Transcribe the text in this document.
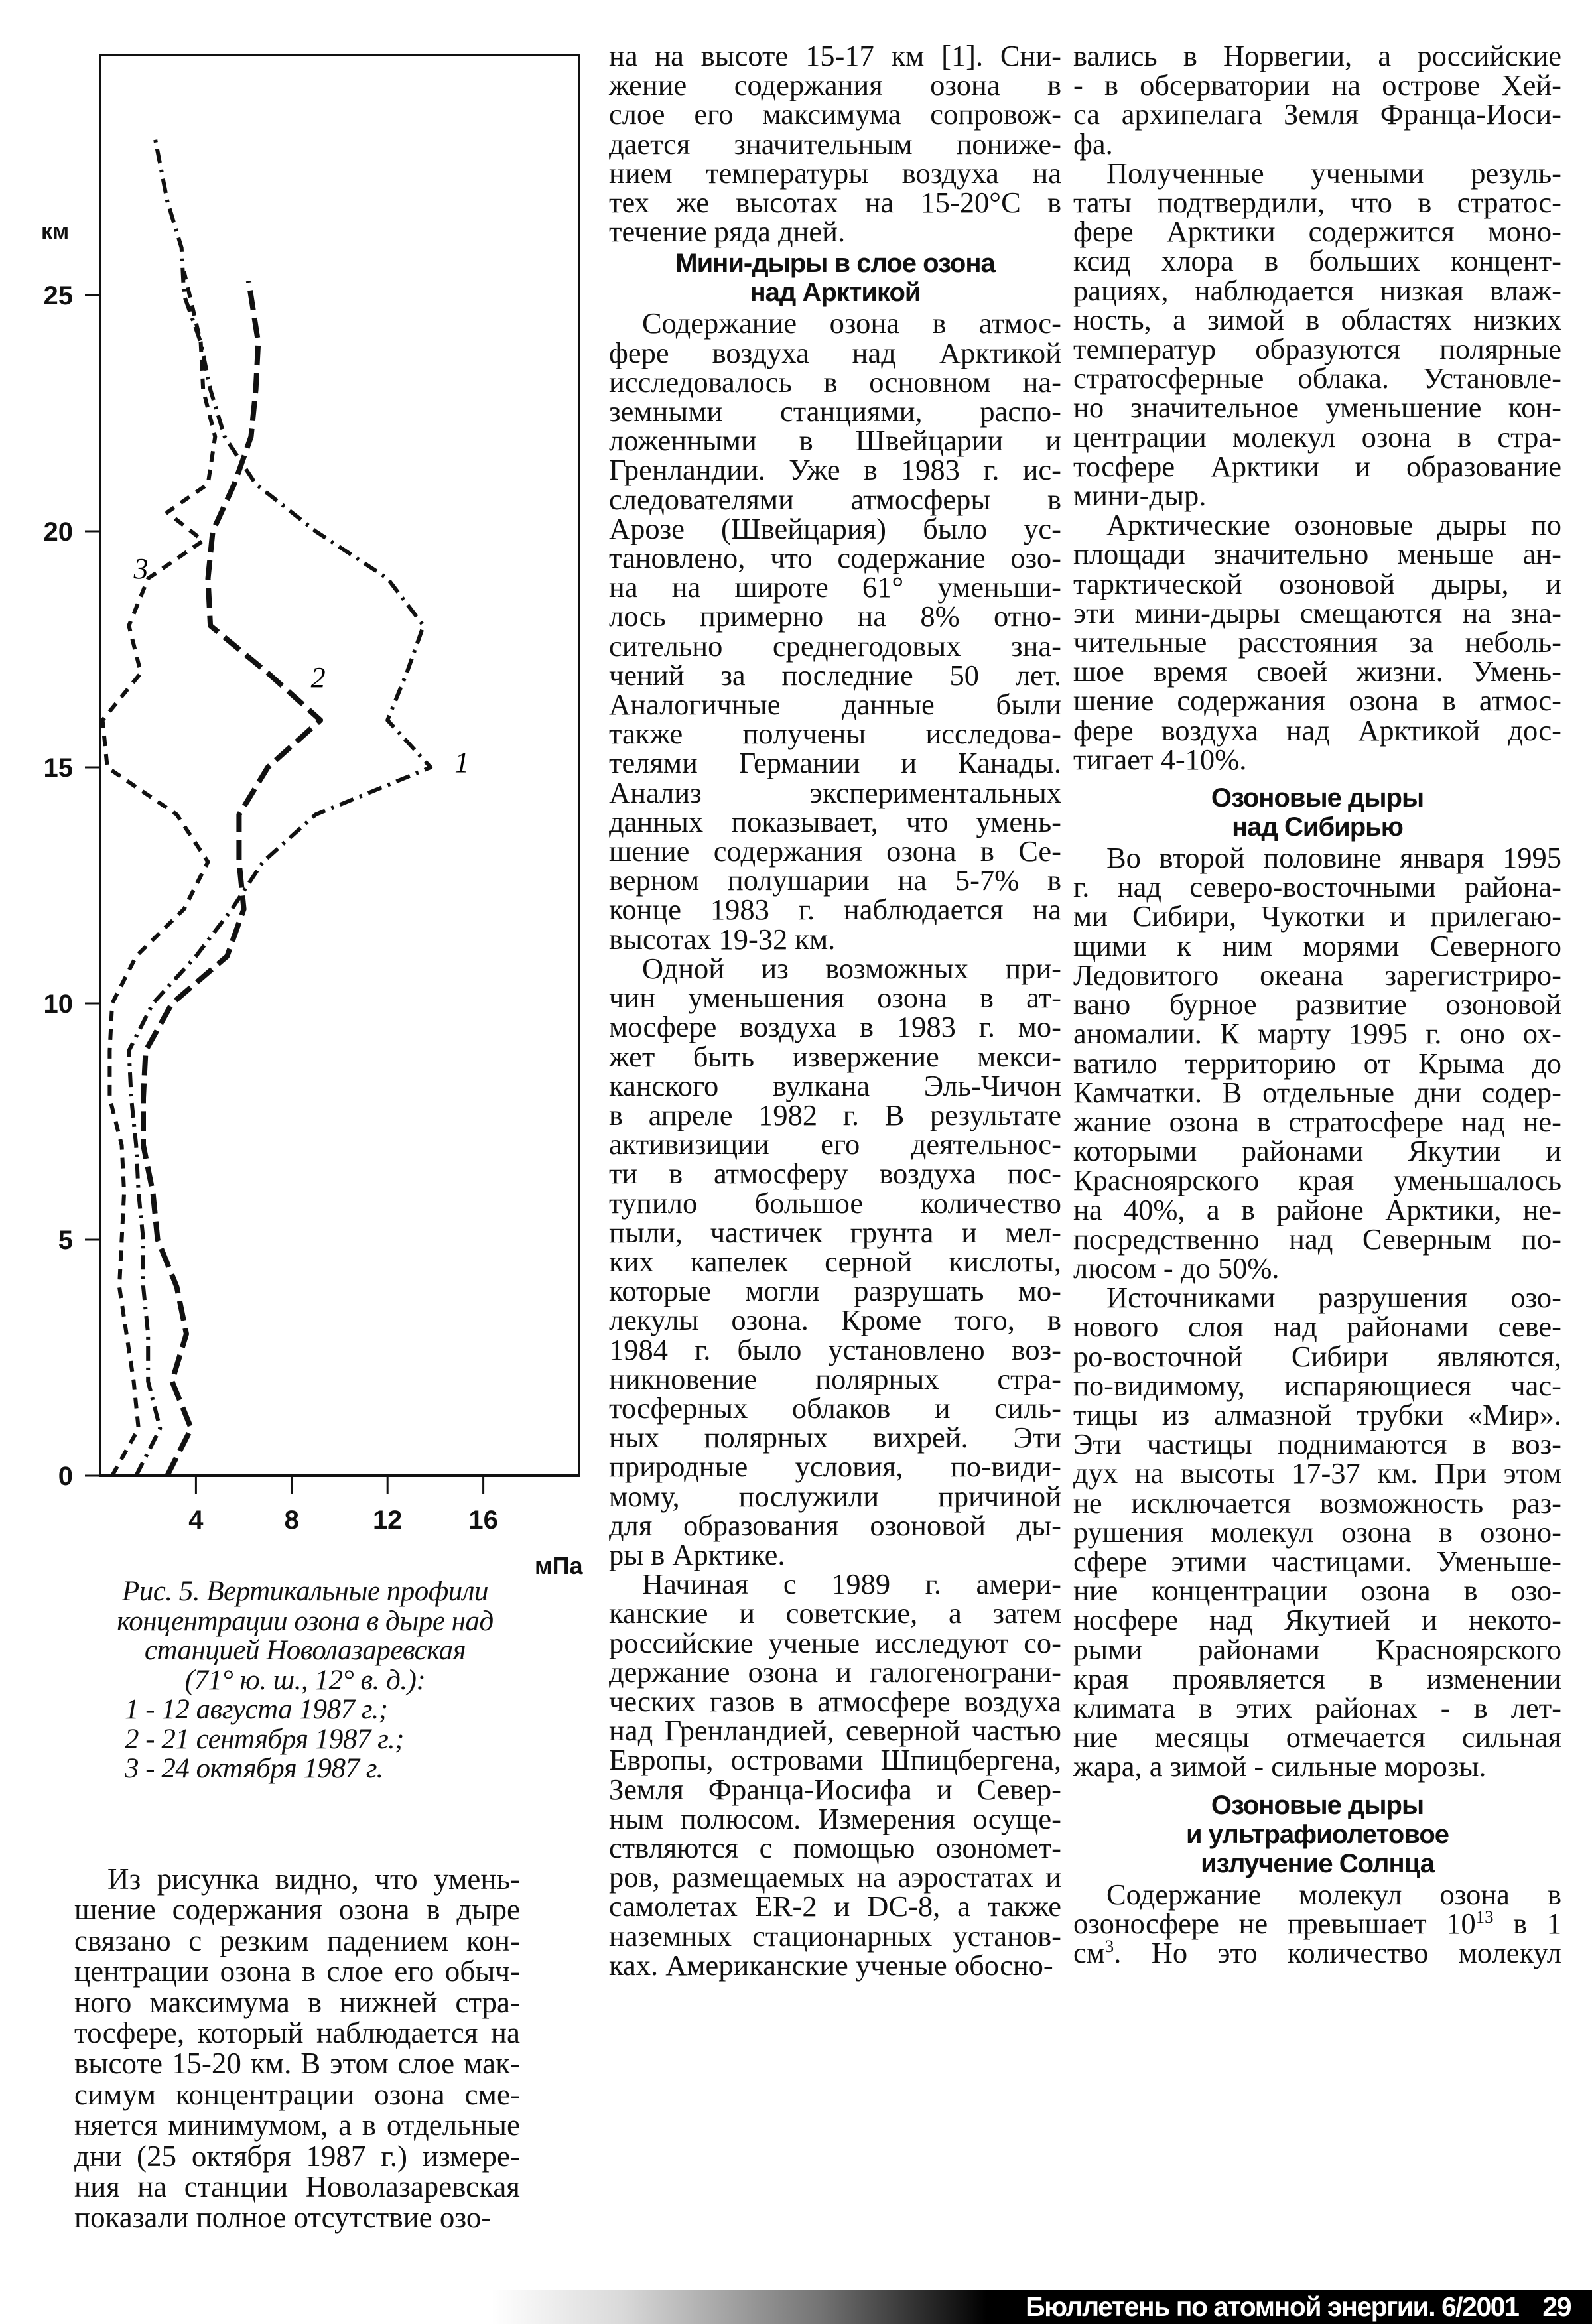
0
5
10
15
20
25
4	8	12 16
км
мПа
1
2
3
Рис. 5. Вертикальные профили
концентрации озона в дыре над
станцией Новолазаревская
(71° ю. ш., 12° в. д.):
1 - 12 августа 1987 г.;
2 - 21 сентября 1987 г.;
3 - 24 октября 1987 г.

Из рисунка видно, что умень-
шение содержания озона в дыре
связано с резким падением кон-
центрации озона в слое его обыч-
ного максимума в нижней стра-
тосфере, который наблюдается на
высоте 15-20 км. В этом слое мак-
симум концентрации озона сме-
няется минимумом, а в отдельные
дни (25 октября 1987 г.) измере-
ния на станции Новолазаревская
показали полное отсутствие озо-

на на высоте 15-17 км [1]. Сни-
жение содержания озона в
слое его максимума сопровож-
дается значительным пониже-
нием температуры воздуха на
тех же высотах на 15-20°С в
течение ряда дней.

Мини-дыры в слое озона
над Арктикой

Содержание озона в атмос-
фере воздуха над Арктикой
исследовалось в основном на-
земными станциями, распо-
ложенными в Швейцарии и
Гренландии. Уже в 1983 г. ис-
следователями атмосферы в
Арозе (Швейцария) было ус-
тановлено, что содержание озо-
на на широте 61° уменьши-
лось примерно на 8% отно-
сительно среднегодовых зна-
чений за последние 50 лет.
Аналогичные данные были
также получены исследова-
телями Германии и Канады.
Анализ экспериментальных
данных показывает, что умень-
шение содержания озона в Се-
верном полушарии на 5-7% в
конце 1983 г. наблюдается на
высотах 19-32 км.

Одной из возможных при-
чин уменьшения озона в ат-
мосфере воздуха в 1983 г. мо-
жет быть извержение мекси-
канского вулкана Эль-Чичон
в апреле 1982 г. В результате
активизиции его деятельнос-
ти в атмосферу воздуха пос-
тупило большое количество
пыли, частичек грунта и мел-
ких капелек серной кислоты,
которые могли разрушать мо-
лекулы озона. Кроме того, в
1984 г. было установлено воз-
никновение полярных стра-
тосферных облаков и силь-
ных полярных вихрей. Эти
природные условия, по-види-
мому, послужили причиной
для образования озоновой ды-
ры в Арктике.

Начиная с 1989 г. амери-
канские и советские, а затем
российские ученые исследуют со-
держание озона и галогенограни-
ческих газов в атмосфере воздуха
над Гренландией, северной частью
Европы, островами Шпицбергена,
Земля Франца-Иосифа и Север-
ным полюсом. Измерения осуще-
ствляются с помощью озономет-
ров, размещаемых на аэростатах и
самолетах ER-2 и DC-8, а также
наземных стационарных установ-
ках. Американские ученые обосно-

вались в Норвегии, а российские
- в обсерватории на острове Хей-
са архипелага Земля Франца-Иоси-
фа.

Полученные учеными резуль-
таты подтвердили, что в стратос-
фере Арктики содержится моно-
ксид хлора в больших концент-
рациях, наблюдается низкая влаж-
ность, а зимой в областях низких
температур образуются полярные
стратосферные облака. Установле-
но значительное уменьшение кон-
центрации молекул озона в стра-
тосфере Арктики и образование
мини-дыр.

Арктические озоновые дыры по
площади значительно меньше ан-
тарктической озоновой дыры, и
эти мини-дыры смещаются на зна-
чительные расстояния за неболь-
шое время своей жизни. Умень-
шение содержания озона в атмос-
фере воздуха над Арктикой дос-
тигает 4-10%.

Озоновые дыры
над Сибирью

Во второй половине января 1995
г. над северо-восточными района-
ми Сибири, Чукотки и прилегаю-
щими к ним морями Северного
Ледовитого океана зарегистриро-
вано бурное развитие озоновой
аномалии. К марту 1995 г. оно ох-
ватило территорию от Крыма до
Камчатки. В отдельные дни содер-
жание озона в стратосфере над не-
которыми районами Якутии и
Красноярского края уменьшалось
на 40%, а в районе Арктики, не-
посредственно над Северным по-
люсом - до 50%.

Источниками разрушения озо-
нового слоя над районами севе-
ро-восточной Сибири являются,
по-видимому, испаряющиеся час-
тицы из алмазной трубки «Мир».
Эти частицы поднимаются в воз-
дух на высоты 17-37 км. При этом
не исключается возможность раз-
рушения молекул озона в озоно-
сфере этими частицами. Уменьше-
ние концентрации озона в озо-
носфере над Якутией и некото-
рыми районами Красноярского
края проявляется в изменении
климата в этих районах - в лет-
ние месяцы отмечается сильная
жара, а зимой - сильные морозы.

Озоновые дыры
и ультрафиолетовое
излучение Солнца

Содержание молекул озона в
озоносфере не превышает $10^{13}$ в 1
$см^3$. Но это количество молекул

Бюллетень по атомной энергии. 6/2001 29
